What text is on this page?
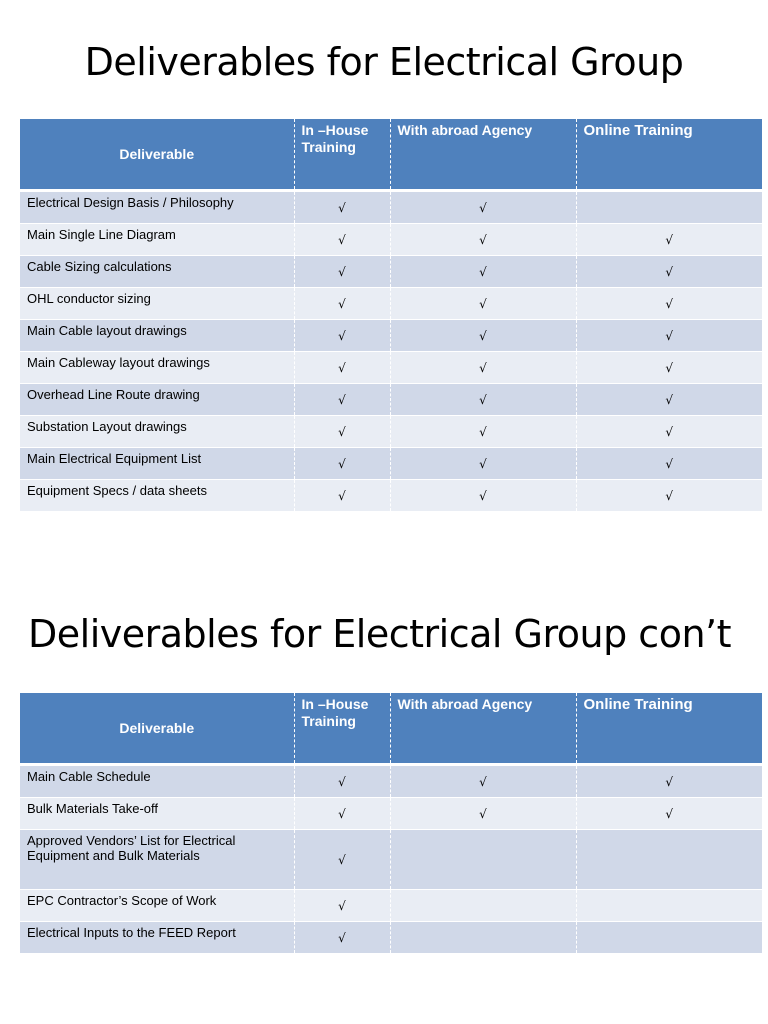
Deliverables for Electrical Group
Deliverable	In –House Training	With abroad Agency	Online Training
Electrical Design Basis / Philosophy	√	√	
Main Single Line Diagram	√	√	√
Cable Sizing calculations	√	√	√
OHL conductor sizing	√	√	√
Main Cable layout drawings	√	√	√
Main Cableway layout drawings	√	√	√
Overhead Line Route drawing	√	√	√
Substation Layout drawings	√	√	√
Main Electrical Equipment List	√	√	√
Equipment Specs / data sheets	√	√	√
Deliverables for Electrical Group con’t
Deliverable	In –House Training	With abroad Agency	Online Training
Main Cable Schedule	√	√	√
Bulk Materials Take-off	√	√	√
Approved Vendors’ List for Electrical Equipment and Bulk Materials	√		
EPC Contractor’s Scope of Work	√		
Electrical Inputs to the FEED Report	√		
